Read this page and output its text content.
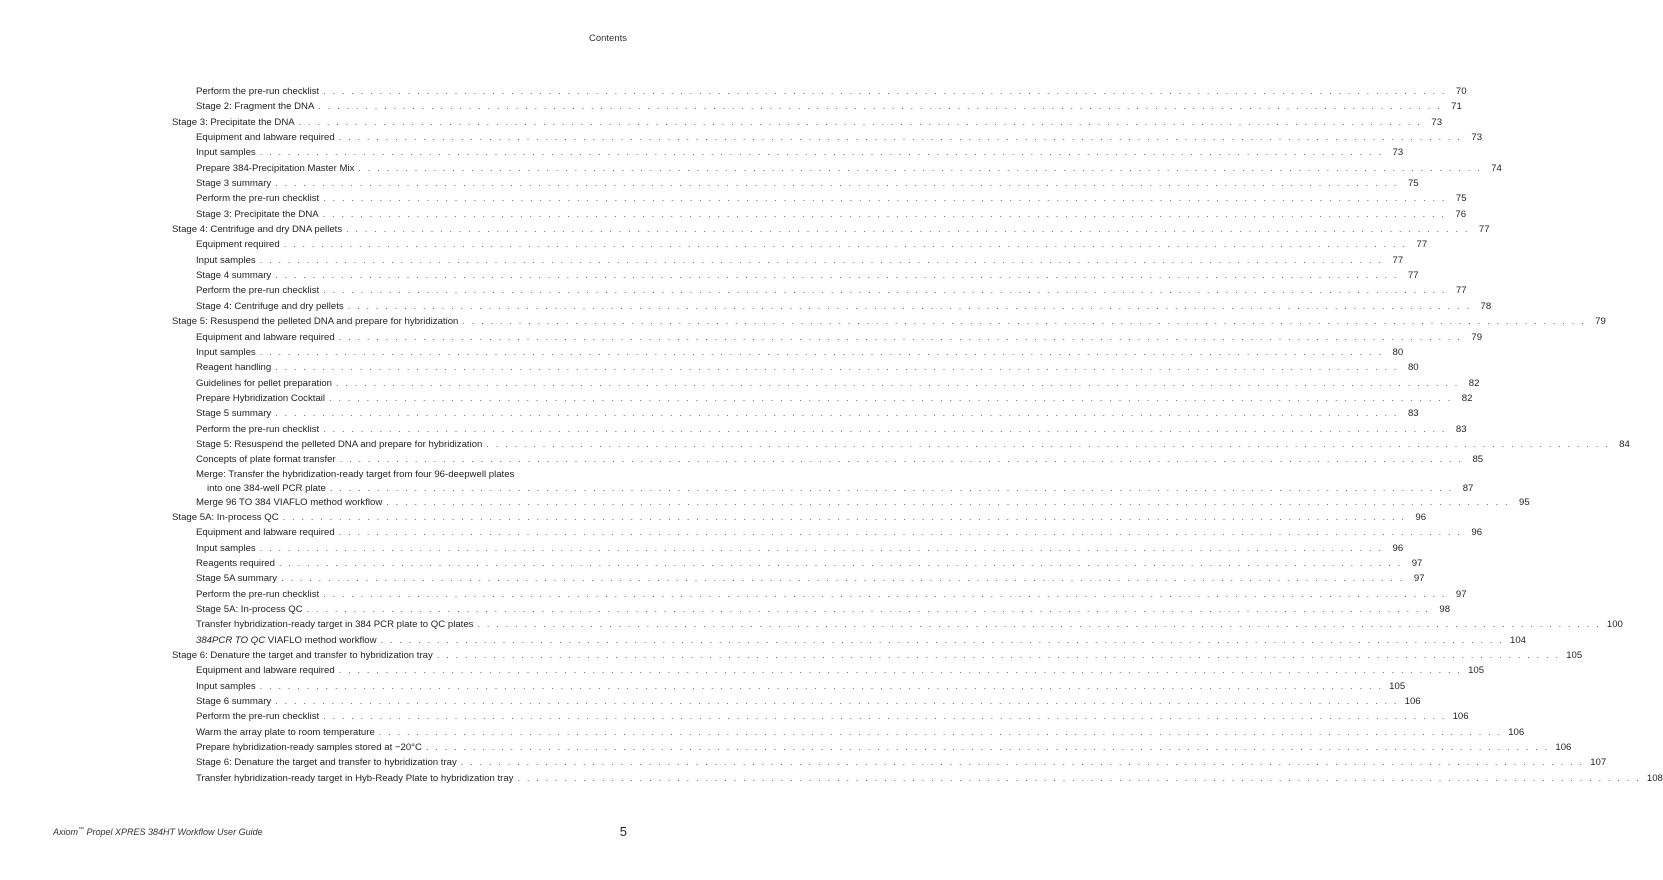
Contents
Perform the pre-run checklist . . . . . . . . . . . . . . . . . . . . . . . . . . . . . . . . . . . . . . . . . . . . . . . . . . . . . . . . . . . . . . . . . . . . . . . . . . . . . . . . . . . . . . . . . . . . . . . . . . . . . . . . . . . . . . . . . . . . . . . . 70
Stage 2: Fragment the DNA . . . . . . . . . . . . . . . . . . . . . . . . . . . . . . . . . . . . . . . . . . . . . . . . . . . . . . . . . . . . . . . . . . . . . . . . . . . . . . . . . . . . . . . . . . . . . . . . . . . . . . . . . . . . . . . . . . . . . . . . 71
Stage 3: Precipitate the DNA . . . . . . . . . . . . . . . . . . . . . . . . . . . . . . . . . . . . . . . . . . . . . . . . . . . . . . . . . . . . . . . . . . . . . . . . . . . . . . . . . . . . . . . . . . . . . . . . . . . . . . . . . . . . . . . . . . . . . . . . 73
Equipment and labware required . . . . . . . . . . . . . . . . . . . . . . . . . . . . . . . . . . . . . . . . . . . . . . . . . . . . . . . . . . . . . . . . . . . . . . . . . . . . . . . . . . . . . . . . . . . . . . . . . . . . . . . . . . . . . . . . . . . . . . . . 73
Input samples . . . . . . . . . . . . . . . . . . . . . . . . . . . . . . . . . . . . . . . . . . . . . . . . . . . . . . . . . . . . . . . . . . . . . . . . . . . . . . . . . . . . . . . . . . . . . . . . . . . . . . . . . . . . . . . . . . . . . . . . 73
Prepare 384-Precipitation Master Mix . . . . . . . . . . . . . . . . . . . . . . . . . . . . . . . . . . . . . . . . . . . . . . . . . . . . . . . . . . . . . . . . . . . . . . . . . . . . . . . . . . . . . . . . . . . . . . . . . . . . . . . . . . . . . . . . . . . . . . . . 74
Stage 3 summary . . . . . . . . . . . . . . . . . . . . . . . . . . . . . . . . . . . . . . . . . . . . . . . . . . . . . . . . . . . . . . . . . . . . . . . . . . . . . . . . . . . . . . . . . . . . . . . . . . . . . . . . . . . . . . . . . . . . . . . . 75
Perform the pre-run checklist . . . . . . . . . . . . . . . . . . . . . . . . . . . . . . . . . . . . . . . . . . . . . . . . . . . . . . . . . . . . . . . . . . . . . . . . . . . . . . . . . . . . . . . . . . . . . . . . . . . . . . . . . . . . . . . . . . . . . . . . 75
Stage 3: Precipitate the DNA . . . . . . . . . . . . . . . . . . . . . . . . . . . . . . . . . . . . . . . . . . . . . . . . . . . . . . . . . . . . . . . . . . . . . . . . . . . . . . . . . . . . . . . . . . . . . . . . . . . . . . . . . . . . . . . . . . . . . . . . 76
Stage 4: Centrifuge and dry DNA pellets . . . . . . . . . . . . . . . . . . . . . . . . . . . . . . . . . . . . . . . . . . . . . . . . . . . . . . . . . . . . . . . . . . . . . . . . . . . . . . . . . . . . . . . . . . . . . . . . . . . . . . . . . . . . . . . . . . . . . . . . 77
Equipment required . . . . . . . . . . . . . . . . . . . . . . . . . . . . . . . . . . . . . . . . . . . . . . . . . . . . . . . . . . . . . . . . . . . . . . . . . . . . . . . . . . . . . . . . . . . . . . . . . . . . . . . . . . . . . . . . . . . . . . . . 77
Input samples . . . . . . . . . . . . . . . . . . . . . . . . . . . . . . . . . . . . . . . . . . . . . . . . . . . . . . . . . . . . . . . . . . . . . . . . . . . . . . . . . . . . . . . . . . . . . . . . . . . . . . . . . . . . . . . . . . . . . . . . 77
Stage 4 summary . . . . . . . . . . . . . . . . . . . . . . . . . . . . . . . . . . . . . . . . . . . . . . . . . . . . . . . . . . . . . . . . . . . . . . . . . . . . . . . . . . . . . . . . . . . . . . . . . . . . . . . . . . . . . . . . . . . . . . . . 77
Perform the pre-run checklist . . . . . . . . . . . . . . . . . . . . . . . . . . . . . . . . . . . . . . . . . . . . . . . . . . . . . . . . . . . . . . . . . . . . . . . . . . . . . . . . . . . . . . . . . . . . . . . . . . . . . . . . . . . . . . . . . . . . . . . . 77
Stage 4: Centrifuge and dry pellets . . . . . . . . . . . . . . . . . . . . . . . . . . . . . . . . . . . . . . . . . . . . . . . . . . . . . . . . . . . . . . . . . . . . . . . . . . . . . . . . . . . . . . . . . . . . . . . . . . . . . . . . . . . . . . . . . . . . . . . . 78
Stage 5: Resuspend the pelleted DNA and prepare for hybridization . . . . . . . . . . . . . . . . . . . . . . . . . . . . . . . . . . . . . . . . . . . . . . . . . . . . . . . . . . . . . . . . . . . . . . . . . . . . . . . . . . . . . . . . . . . . . . . . . . . . . . . . . . . . . . . . . . . . . . . . 79
Equipment and labware required . . . . . . . . . . . . . . . . . . . . . . . . . . . . . . . . . . . . . . . . . . . . . . . . . . . . . . . . . . . . . . . . . . . . . . . . . . . . . . . . . . . . . . . . . . . . . . . . . . . . . . . . . . . . . . . . . . . . . . . . 79
Input samples . . . . . . . . . . . . . . . . . . . . . . . . . . . . . . . . . . . . . . . . . . . . . . . . . . . . . . . . . . . . . . . . . . . . . . . . . . . . . . . . . . . . . . . . . . . . . . . . . . . . . . . . . . . . . . . . . . . . . . . . 80
Reagent handling . . . . . . . . . . . . . . . . . . . . . . . . . . . . . . . . . . . . . . . . . . . . . . . . . . . . . . . . . . . . . . . . . . . . . . . . . . . . . . . . . . . . . . . . . . . . . . . . . . . . . . . . . . . . . . . . . . . . . . . . 80
Guidelines for pellet preparation . . . . . . . . . . . . . . . . . . . . . . . . . . . . . . . . . . . . . . . . . . . . . . . . . . . . . . . . . . . . . . . . . . . . . . . . . . . . . . . . . . . . . . . . . . . . . . . . . . . . . . . . . . . . . . . . . . . . . . . . 82
Prepare Hybridization Cocktail . . . . . . . . . . . . . . . . . . . . . . . . . . . . . . . . . . . . . . . . . . . . . . . . . . . . . . . . . . . . . . . . . . . . . . . . . . . . . . . . . . . . . . . . . . . . . . . . . . . . . . . . . . . . . . . . . . . . . . . . 82
Stage 5 summary . . . . . . . . . . . . . . . . . . . . . . . . . . . . . . . . . . . . . . . . . . . . . . . . . . . . . . . . . . . . . . . . . . . . . . . . . . . . . . . . . . . . . . . . . . . . . . . . . . . . . . . . . . . . . . . . . . . . . . . . 83
Perform the pre-run checklist . . . . . . . . . . . . . . . . . . . . . . . . . . . . . . . . . . . . . . . . . . . . . . . . . . . . . . . . . . . . . . . . . . . . . . . . . . . . . . . . . . . . . . . . . . . . . . . . . . . . . . . . . . . . . . . . . . . . . . . . 83
Stage 5: Resuspend the pelleted DNA and prepare for hybridization . . . . . . . . . . . . . . . . . . . . . . . . . . . . . . . . . . . . . . . . . . . . . . . . . . . . . . . . . . . . . . . . . . . . . . . . . . . . . . . . . . . . . . . . . . . . . . . . . . . . . . . . . . . . . . . . . . . . . . . . 84
Concepts of plate format transfer . . . . . . . . . . . . . . . . . . . . . . . . . . . . . . . . . . . . . . . . . . . . . . . . . . . . . . . . . . . . . . . . . . . . . . . . . . . . . . . . . . . . . . . . . . . . . . . . . . . . . . . . . . . . . . . . . . . . . . . . 85
Merge: Transfer the hybridization-ready target from four 96-deepwell plates
into one 384-well PCR plate . . . . . . . . . . . . . . . . . . . . . . . . . . . . . . . . . . . . . . . . . . . . . . . . . . . . . . . . . . . . . . . . . . . . . . . . . . . . . . . . . . . . . . . . . . . . . . . . . . . . . . . . . . . . . . . . . . . . . . . . 87
Merge 96 TO 384 VIAFLO method workflow . . . . . . . . . . . . . . . . . . . . . . . . . . . . . . . . . . . . . . . . . . . . . . . . . . . . . . . . . . . . . . . . . . . . . . . . . . . . . . . . . . . . . . . . . . . . . . . . . . . . . . . . . . . . . . . . . . . . . . . . 95
Stage 5A: In-process QC . . . . . . . . . . . . . . . . . . . . . . . . . . . . . . . . . . . . . . . . . . . . . . . . . . . . . . . . . . . . . . . . . . . . . . . . . . . . . . . . . . . . . . . . . . . . . . . . . . . . . . . . . . . . . . . . . . . . . . . . 96
Equipment and labware required . . . . . . . . . . . . . . . . . . . . . . . . . . . . . . . . . . . . . . . . . . . . . . . . . . . . . . . . . . . . . . . . . . . . . . . . . . . . . . . . . . . . . . . . . . . . . . . . . . . . . . . . . . . . . . . . . . . . . . . . 96
Input samples . . . . . . . . . . . . . . . . . . . . . . . . . . . . . . . . . . . . . . . . . . . . . . . . . . . . . . . . . . . . . . . . . . . . . . . . . . . . . . . . . . . . . . . . . . . . . . . . . . . . . . . . . . . . . . . . . . . . . . . . 96
Reagents required . . . . . . . . . . . . . . . . . . . . . . . . . . . . . . . . . . . . . . . . . . . . . . . . . . . . . . . . . . . . . . . . . . . . . . . . . . . . . . . . . . . . . . . . . . . . . . . . . . . . . . . . . . . . . . . . . . . . . . . . 97
Stage 5A summary . . . . . . . . . . . . . . . . . . . . . . . . . . . . . . . . . . . . . . . . . . . . . . . . . . . . . . . . . . . . . . . . . . . . . . . . . . . . . . . . . . . . . . . . . . . . . . . . . . . . . . . . . . . . . . . . . . . . . . . . 97
Perform the pre-run checklist . . . . . . . . . . . . . . . . . . . . . . . . . . . . . . . . . . . . . . . . . . . . . . . . . . . . . . . . . . . . . . . . . . . . . . . . . . . . . . . . . . . . . . . . . . . . . . . . . . . . . . . . . . . . . . . . . . . . . . . . 97
Stage 5A: In-process QC . . . . . . . . . . . . . . . . . . . . . . . . . . . . . . . . . . . . . . . . . . . . . . . . . . . . . . . . . . . . . . . . . . . . . . . . . . . . . . . . . . . . . . . . . . . . . . . . . . . . . . . . . . . . . . . . . . . . . . . . 98
Transfer hybridization-ready target in 384 PCR plate to QC plates . . . . . . . . . . . . . . . . . . . . . . . . . . . . . . . . . . . . . . . . . . . . . . . . . . . . . . . . . . . . . . . . . . . . . . . . . . . . . . . . . . . . . . . . . . . . . . . . . . . . . . . . . . . . . . . . . . . . . . . . 100
384PCR TO QC VIAFLO method workflow . . . . . . . . . . . . . . . . . . . . . . . . . . . . . . . . . . . . . . . . . . . . . . . . . . . . . . . . . . . . . . . . . . . . . . . . . . . . . . . . . . . . . . . . . . . . . . . . . . . . . . . . . . . . . . . . . . . . . . . . 104
Stage 6: Denature the target and transfer to hybridization tray . . . . . . . . . . . . . . . . . . . . . . . . . . . . . . . . . . . . . . . . . . . . . . . . . . . . . . . . . . . . . . . . . . . . . . . . . . . . . . . . . . . . . . . . . . . . . . . . . . . . . . . . . . . . . . . . . . . . . . . . 105
Equipment and labware required . . . . . . . . . . . . . . . . . . . . . . . . . . . . . . . . . . . . . . . . . . . . . . . . . . . . . . . . . . . . . . . . . . . . . . . . . . . . . . . . . . . . . . . . . . . . . . . . . . . . . . . . . . . . . . . . . . . . . . . . 105
Input samples . . . . . . . . . . . . . . . . . . . . . . . . . . . . . . . . . . . . . . . . . . . . . . . . . . . . . . . . . . . . . . . . . . . . . . . . . . . . . . . . . . . . . . . . . . . . . . . . . . . . . . . . . . . . . . . . . . . . . . . . 105
Stage 6 summary . . . . . . . . . . . . . . . . . . . . . . . . . . . . . . . . . . . . . . . . . . . . . . . . . . . . . . . . . . . . . . . . . . . . . . . . . . . . . . . . . . . . . . . . . . . . . . . . . . . . . . . . . . . . . . . . . . . . . . . . 106
Perform the pre-run checklist . . . . . . . . . . . . . . . . . . . . . . . . . . . . . . . . . . . . . . . . . . . . . . . . . . . . . . . . . . . . . . . . . . . . . . . . . . . . . . . . . . . . . . . . . . . . . . . . . . . . . . . . . . . . . . . . . . . . . . . . 106
Warm the array plate to room temperature . . . . . . . . . . . . . . . . . . . . . . . . . . . . . . . . . . . . . . . . . . . . . . . . . . . . . . . . . . . . . . . . . . . . . . . . . . . . . . . . . . . . . . . . . . . . . . . . . . . . . . . . . . . . . . . . . . . . . . . . 106
Prepare hybridization-ready samples stored at −20°C . . . . . . . . . . . . . . . . . . . . . . . . . . . . . . . . . . . . . . . . . . . . . . . . . . . . . . . . . . . . . . . . . . . . . . . . . . . . . . . . . . . . . . . . . . . . . . . . . . . . . . . . . . . . . . . . . . . . . . . . 106
Stage 6: Denature the target and transfer to hybridization tray . . . . . . . . . . . . . . . . . . . . . . . . . . . . . . . . . . . . . . . . . . . . . . . . . . . . . . . . . . . . . . . . . . . . . . . . . . . . . . . . . . . . . . . . . . . . . . . . . . . . . . . . . . . . . . . . . . . . . . . . 107
Transfer hybridization-ready target in Hyb-Ready Plate to hybridization tray . . . . . . . . . . . . . . . . . . . . . . . . . . . . . . . . . . . . . . . . . . . . . . . . . . . . . . . . . . . . . . . . . . . . . . . . . . . . . . . . . . . . . . . . . . . . . . . . . . . . . . . . . . . . . . . . . . . . . . . . 108
Axiom™ Propel XPRES 384HT Workflow User Guide	5
